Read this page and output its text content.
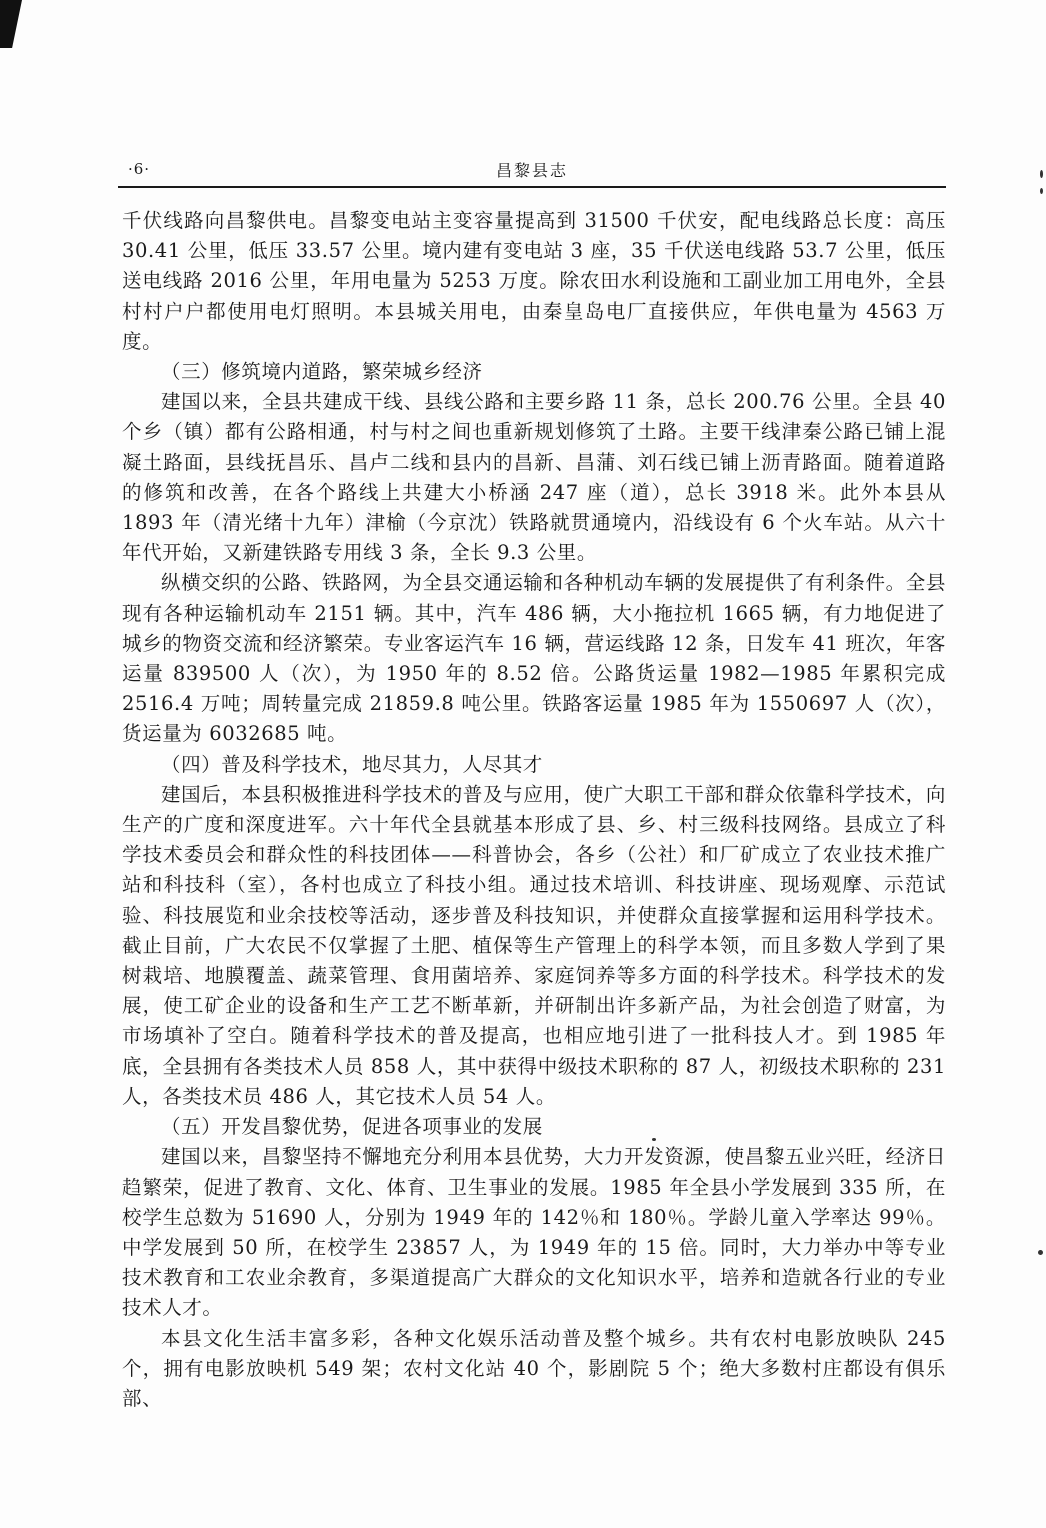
·6·	昌黎县志

千伏线路向昌黎供电。昌黎变电站主变容量提高到 31500 千伏安，配电线路总长度：高压 30.41 公里，低压 33.57 公里。境内建有变电站 3 座，35 千伏送电线路 53.7 公里，低压送电线路 2016 公里，年用电量为 5253 万度。除农田水利设施和工副业加工用电外，全县村村户户都使用电灯照明。本县城关用电，由秦皇岛电厂直接供应，年供电量为 4563 万度。

（三）修筑境内道路，繁荣城乡经济

建国以来，全县共建成干线、县线公路和主要乡路 11 条，总长 200.76 公里。全县 40 个乡（镇）都有公路相通，村与村之间也重新规划修筑了土路。主要干线津秦公路已铺上混凝土路面，县线抚昌乐、昌卢二线和县内的昌新、昌蒲、刘石线已铺上沥青路面。随着道路的修筑和改善，在各个路线上共建大小桥涵 247 座（道），总长 3918 米。此外本县从 1893 年（清光绪十九年）津榆（今京沈）铁路就贯通境内，沿线设有 6 个火车站。从六十年代开始，又新建铁路专用线 3 条，全长 9.3 公里。

纵横交织的公路、铁路网，为全县交通运输和各种机动车辆的发展提供了有利条件。全县现有各种运输机动车 2151 辆。其中，汽车 486 辆，大小拖拉机 1665 辆，有力地促进了城乡的物资交流和经济繁荣。专业客运汽车 16 辆，营运线路 12 条，日发车 41 班次，年客运量 839500 人（次），为 1950 年的 8.52 倍。公路货运量 1982—1985 年累积完成 2516.4 万吨；周转量完成 21859.8 吨公里。铁路客运量 1985 年为 1550697 人（次），货运量为 6032685 吨。

（四）普及科学技术，地尽其力，人尽其才

建国后，本县积极推进科学技术的普及与应用，使广大职工干部和群众依靠科学技术，向生产的广度和深度进军。六十年代全县就基本形成了县、乡、村三级科技网络。县成立了科学技术委员会和群众性的科技团体——科普协会，各乡（公社）和厂矿成立了农业技术推广站和科技科（室），各村也成立了科技小组。通过技术培训、科技讲座、现场观摩、示范试验、科技展览和业余技校等活动，逐步普及科技知识，并使群众直接掌握和运用科学技术。截止目前，广大农民不仅掌握了土肥、植保等生产管理上的科学本领，而且多数人学到了果树栽培、地膜覆盖、蔬菜管理、食用菌培养、家庭饲养等多方面的科学技术。科学技术的发展，使工矿企业的设备和生产工艺不断革新，并研制出许多新产品，为社会创造了财富，为市场填补了空白。随着科学技术的普及提高，也相应地引进了一批科技人才。到 1985 年底，全县拥有各类技术人员 858 人，其中获得中级技术职称的 87 人，初级技术职称的 231 人，各类技术员 486 人，其它技术人员 54 人。

（五）开发昌黎优势，促进各项事业的发展

建国以来，昌黎坚持不懈地充分利用本县优势，大力开发资源，使昌黎五业兴旺，经济日趋繁荣，促进了教育、文化、体育、卫生事业的发展。1985 年全县小学发展到 335 所，在校学生总数为 51690 人，分别为 1949 年的 142％和 180％。学龄儿童入学率达 99％。中学发展到 50 所，在校学生 23857 人，为 1949 年的 15 倍。同时，大力举办中等专业技术教育和工农业余教育，多渠道提高广大群众的文化知识水平，培养和造就各行业的专业技术人才。

本县文化生活丰富多彩，各种文化娱乐活动普及整个城乡。共有农村电影放映队 245 个，拥有电影放映机 549 架；农村文化站 40 个，影剧院 5 个；绝大多数村庄都设有俱乐部、
